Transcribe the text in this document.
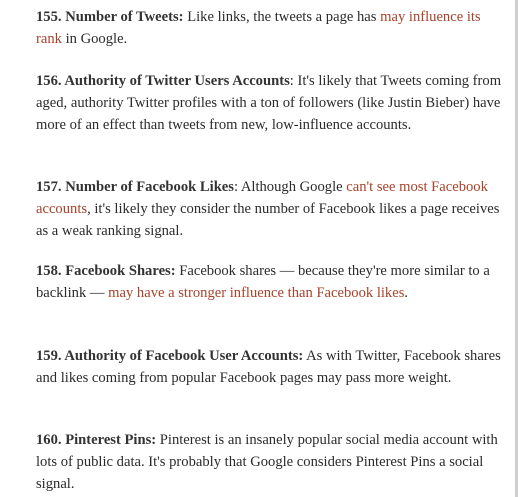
155. Number of Tweets: Like links, the tweets a page has may influence its rank in Google.

156. Authority of Twitter Users Accounts: It's likely that Tweets coming from aged, authority Twitter profiles with a ton of followers (like Justin Bieber) have more of an effect than tweets from new, low-influence accounts.

157. Number of Facebook Likes: Although Google can't see most Facebook accounts, it's likely they consider the number of Facebook likes a page receives as a weak ranking signal.

158. Facebook Shares: Facebook shares — because they're more similar to a backlink — may have a stronger influence than Facebook likes.

159. Authority of Facebook User Accounts: As with Twitter, Facebook shares and likes coming from popular Facebook pages may pass more weight.

160. Pinterest Pins: Pinterest is an insanely popular social media account with lots of public data. It's probably that Google considers Pinterest Pins a social signal.
